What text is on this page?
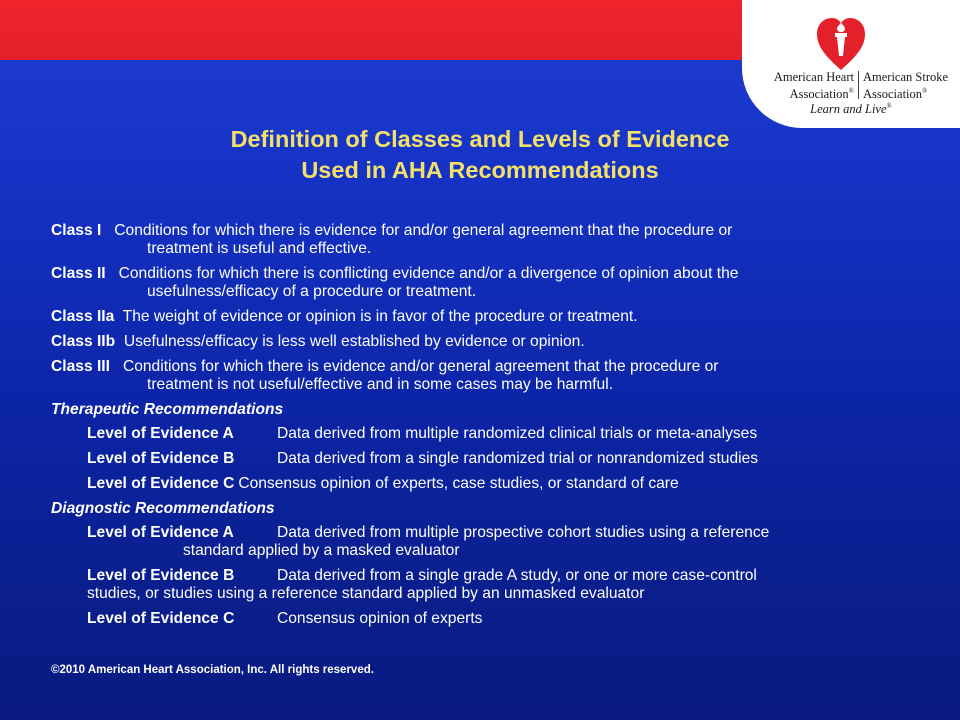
American Heart
Association®
American Stroke
Association®
Learn and Live®
Definition of Classes and Levels of Evidence
Used in AHA Recommendations
Class I Conditions for which there is evidence for and/or general agreement that the procedure or
treatment is useful and effective.
Class II Conditions for which there is conflicting evidence and/or a divergence of opinion about the
usefulness/efficacy of a procedure or treatment.
Class IIa The weight of evidence or opinion is in favor of the procedure or treatment.
Class IIb Usefulness/efficacy is less well established by evidence or opinion.
Class III Conditions for which there is evidence and/or general agreement that the procedure or
treatment is not useful/effective and in some cases may be harmful.
Therapeutic Recommendations
Level of Evidence A	Data derived from multiple randomized clinical trials or meta-analyses
Level of Evidence B	Data derived from a single randomized trial or nonrandomized studies
Level of Evidence C Consensus opinion of experts, case studies, or standard of care
Diagnostic Recommendations
Level of Evidence A	Data derived from multiple prospective cohort studies using a reference
standard applied by a masked evaluator
Level of Evidence B	Data derived from a single grade A study, or one or more case-control
studies, or studies using a reference standard applied by an unmasked evaluator
Level of Evidence C	Consensus opinion of experts
©2010 American Heart Association, Inc. All rights reserved.
